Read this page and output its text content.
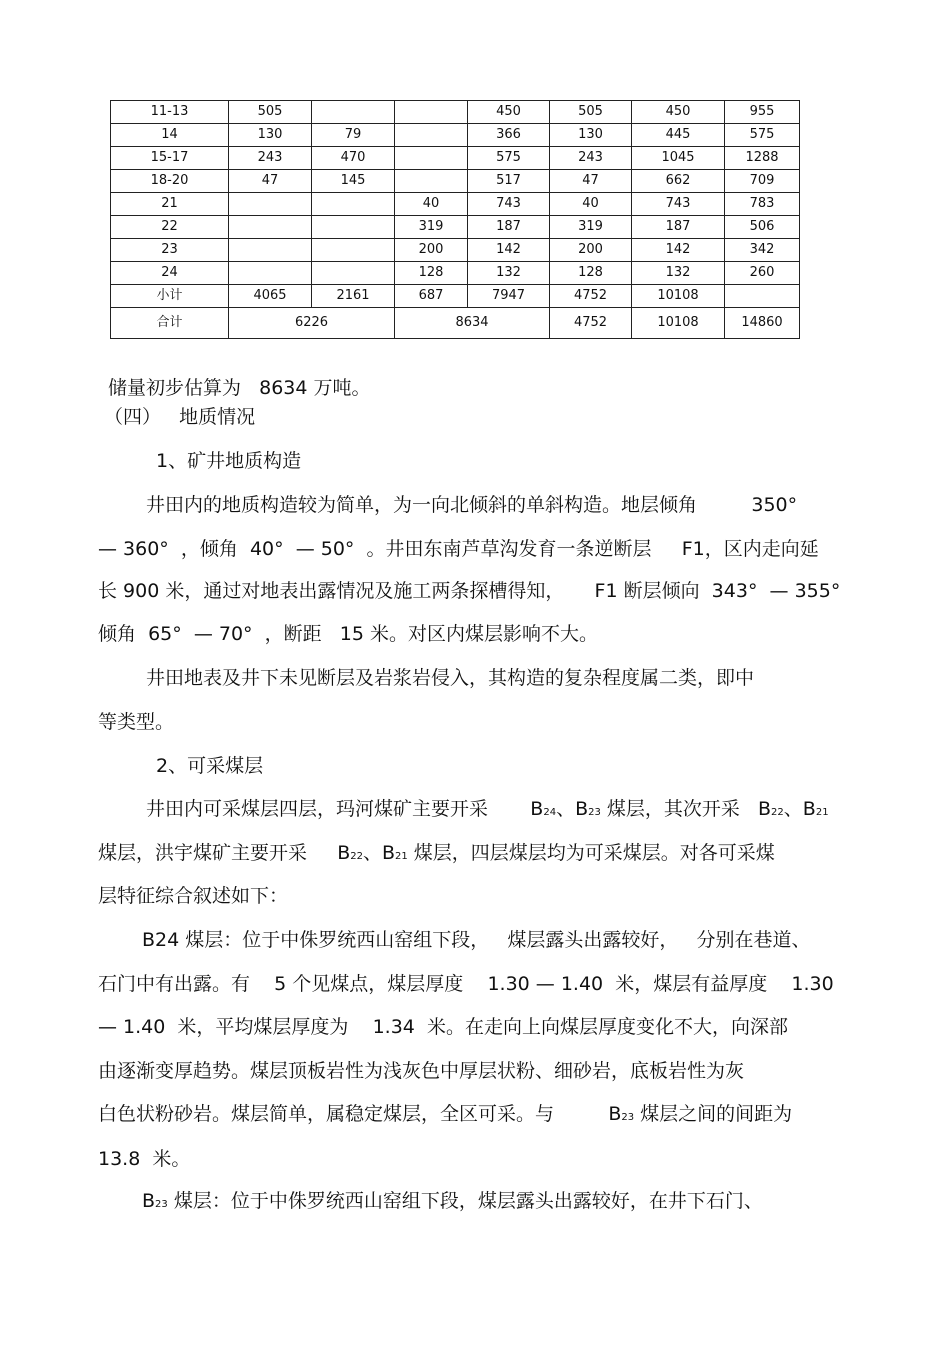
11-13	505			450	505	450	955
14	130	79		366	130	445	575
15-17	243	470		575	243	1045	1288
18-20	47	145		517	47	662	709
21			40	743	40	743	783
22			319	187	319	187	506
23			200	142	200	142	342
24			128	132	128	132	260
小计	4065	2161	687	7947	4752	10108	
合计	6226		8634		4752	10108	14860
储量初步估算为   8634 万吨。
（四）   地质情况
1、矿井地质构造
井田内的地质构造较为简单，为一向北倾斜的单斜构造。地层倾角         350°
— 360°  ，倾角  40°  — 50°  。井田东南芦草沟发育一条逆断层     F1，区内走向延
长 900 米，通过对地表出露情况及施工两条探槽得知，     F1 断层倾向  343°  — 355°
倾角  65°  — 70°  ，断距   15 米。对区内煤层影响不大。
井田地表及井下未见断层及岩浆岩侵入，其构造的复杂程度属二类，即中
等类型。
2、可采煤层
井田内可采煤层四层，玛河煤矿主要开采       B24、B23 煤层，其次开采   B22、B21
煤层，洪宇煤矿主要开采     B22、B21 煤层，四层煤层均为可采煤层。对各可采煤
层特征综合叙述如下：
B24 煤层：位于中侏罗统西山窑组下段，   煤层露头出露较好，   分别在巷道、
石门中有出露。有    5 个见煤点，煤层厚度    1.30 — 1.40  米，煤层有益厚度    1.30
— 1.40  米，平均煤层厚度为    1.34  米。在走向上向煤层厚度变化不大，向深部
由逐渐变厚趋势。煤层顶板岩性为浅灰色中厚层状粉、细砂岩，底板岩性为灰
白色状粉砂岩。煤层简单，属稳定煤层，全区可采。与         B23 煤层之间的间距为
13.8  米。
B23 煤层：位于中侏罗统西山窑组下段，煤层露头出露较好，在井下石门、
